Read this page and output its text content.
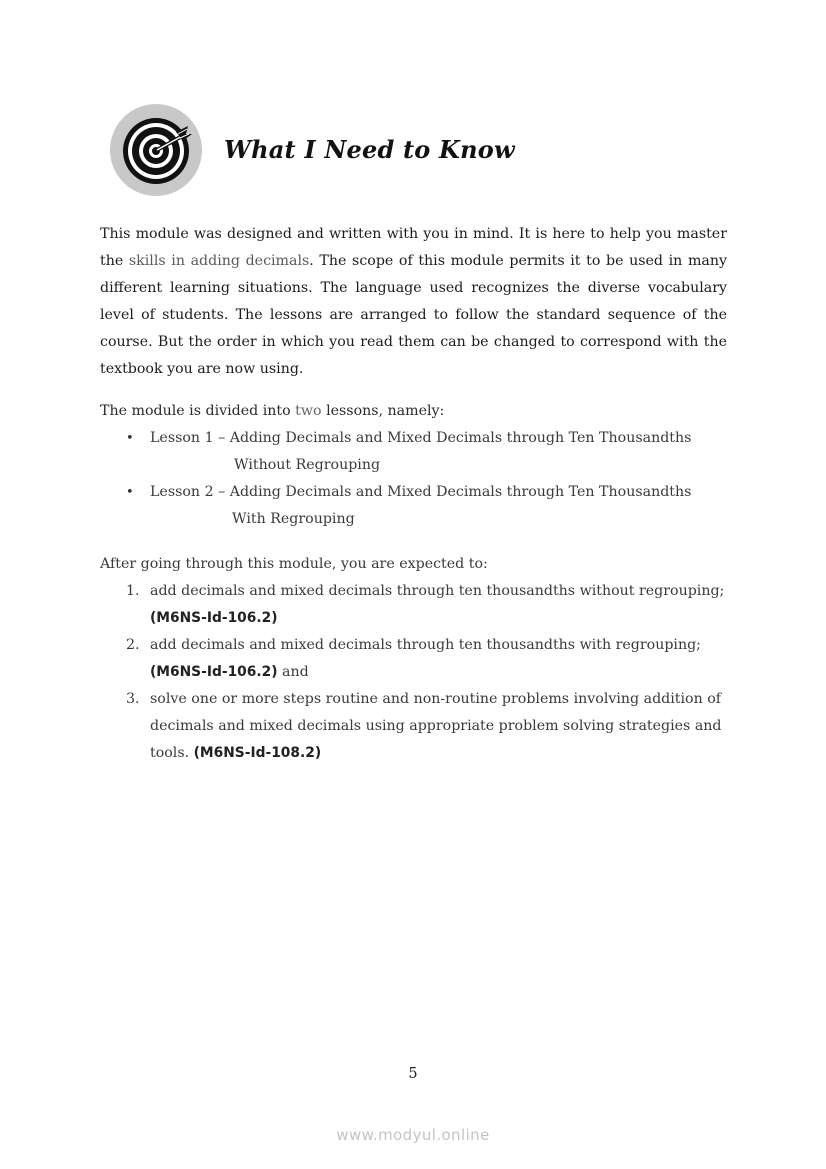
What I Need to Know

This module was designed and written with you in mind. It is here to help you master the skills in adding decimals. The scope of this module permits it to be used in many different learning situations. The language used recognizes the diverse vocabulary level of students. The lessons are arranged to follow the standard sequence of the course. But the order in which you read them can be changed to correspond with the textbook you are now using.

The module is divided into two lessons, namely:

• Lesson 1 – Adding Decimals and Mixed Decimals through Ten Thousandths
Without Regrouping
• Lesson 2 – Adding Decimals and Mixed Decimals through Ten Thousandths
With Regrouping

After going through this module, you are expected to:

1. add decimals and mixed decimals through ten thousandths without regrouping; (M6NS-Id-106.2)
2. add decimals and mixed decimals through ten thousandths with regrouping; (M6NS-Id-106.2) and
3. solve one or more steps routine and non-routine problems involving addition of decimals and mixed decimals using appropriate problem solving strategies and tools. (M6NS-Id-108.2)
5
www.modyul.online
